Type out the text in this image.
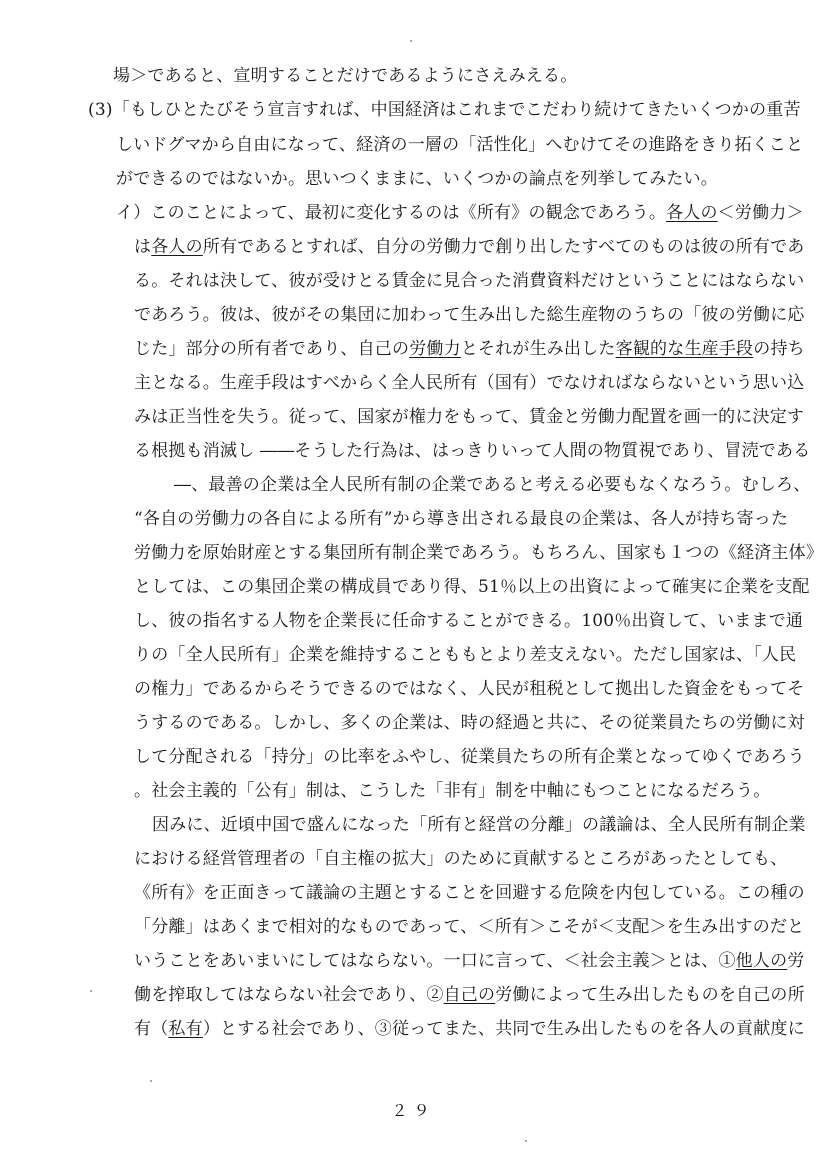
場＞であると、宣明することだけであるようにさえみえる。
(3)「もしひとたびそう宣言すれば、中国経済はこれまでこだわり続けてきたいくつかの重苦
しいドグマから自由になって、経済の一層の「活性化」へむけてその進路をきり拓くこと
ができるのではないか。思いつくままに、いくつかの論点を列挙してみたい。
イ）このことによって、最初に変化するのは《所有》の観念であろう。各人の＜労働力＞
は各人の所有であるとすれば、自分の労働力で創り出したすべてのものは彼の所有であ
る。それは決して、彼が受けとる賃金に見合った消費資料だけということにはならない
であろう。彼は、彼がその集団に加わって生み出した総生産物のうちの「彼の労働に応
じた」部分の所有者であり、自己の労働力とそれが生み出した客観的な生産手段の持ち
主となる。生産手段はすべからく全人民所有（国有）でなければならないという思い込
みは正当性を失う。従って、国家が権力をもって、賃金と労働力配置を画一的に決定す
る根拠も消滅し ――そうした行為は、はっきりいって人間の物質視であり、冒涜である
―、最善の企業は全人民所有制の企業であると考える必要もなくなろう。むしろ、
“各自の労働力の各自による所有”から導き出される最良の企業は、各人が持ち寄った
労働力を原始財産とする集団所有制企業であろう。もちろん、国家も１つの《経済主体》
としては、この集団企業の構成員であり得、51％以上の出資によって確実に企業を支配
し、彼の指名する人物を企業長に任命することができる。100％出資して、いままで通
りの「全人民所有」企業を維持することももとより差支えない。ただし国家は、「人民
の権力」であるからそうできるのではなく、人民が租税として拠出した資金をもってそ
うするのである。しかし、多くの企業は、時の経過と共に、その従業員たちの労働に対
して分配される「持分」の比率をふやし、従業員たちの所有企業となってゆくであろう
。社会主義的「公有」制は、こうした「非有」制を中軸にもつことになるだろう。
因みに、近頃中国で盛んになった「所有と経営の分離」の議論は、全人民所有制企業
における経営管理者の「自主権の拡大」のために貢献するところがあったとしても、
《所有》を正面きって議論の主題とすることを回避する危険を内包している。この種の
「分離」はあくまで相対的なものであって、＜所有＞こそが＜支配＞を生み出すのだと
いうことをあいまいにしてはならない。一口に言って、＜社会主義＞とは、①他人の労
働を搾取してはならない社会であり、②自己の労働によって生み出したものを自己の所
有（私有）とする社会であり、③従ってまた、共同で生み出したものを各人の貢献度に
２９
